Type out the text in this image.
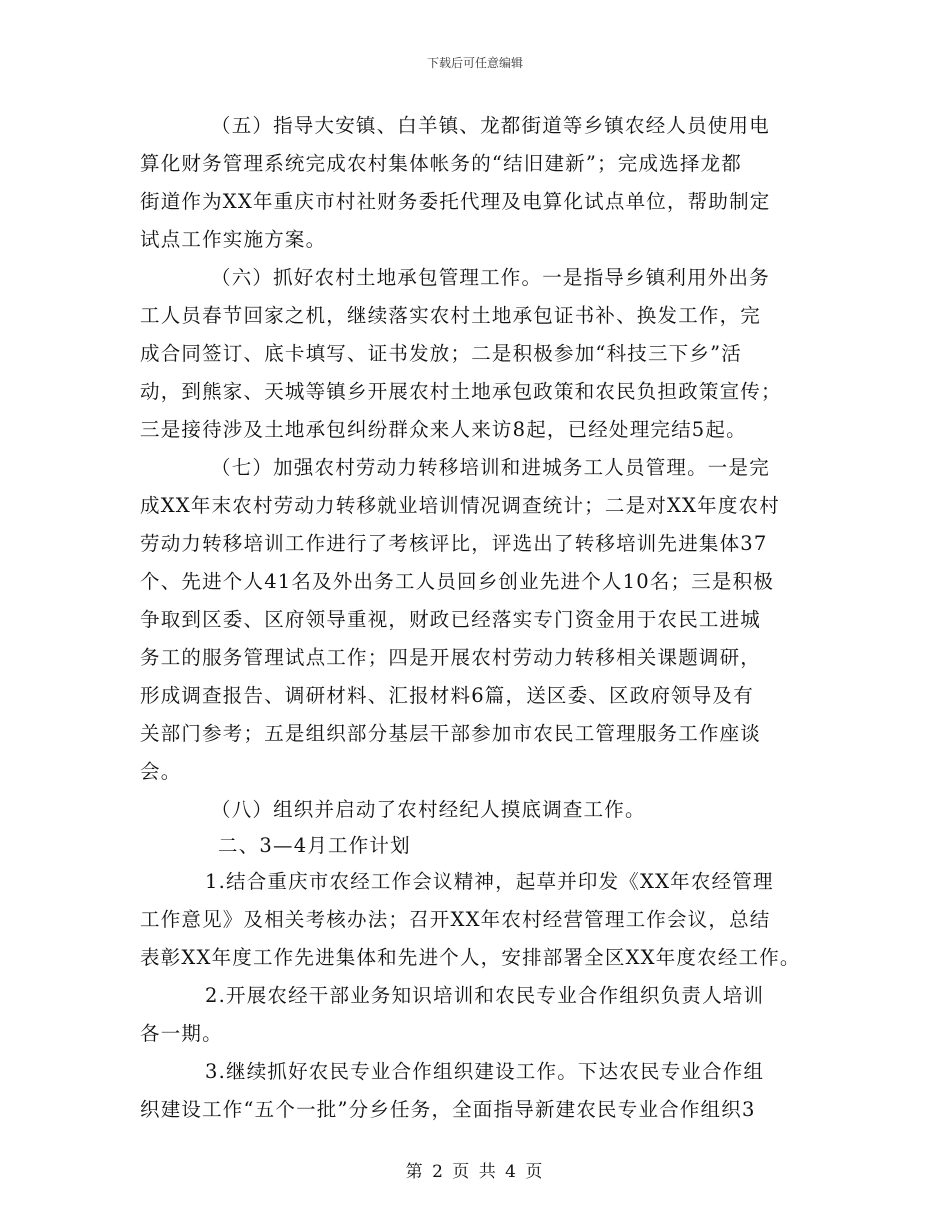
下载后可任意编辑
（五）指导大安镇、白羊镇、龙都街道等乡镇农经人员使用电
算化财务管理系统完成农村集体帐务的“结旧建新”；完成选择龙都
街道作为XX年重庆市村社财务委托代理及电算化试点单位，帮助制定
试点工作实施方案。
（六）抓好农村土地承包管理工作。一是指导乡镇利用外出务
工人员春节回家之机，继续落实农村土地承包证书补、换发工作，完
成合同签订、底卡填写、证书发放；二是积极参加“科技三下乡”活
动，到熊家、天城等镇乡开展农村土地承包政策和农民负担政策宣传；
三是接待涉及土地承包纠纷群众来人来访8起，已经处理完结5起。
（七）加强农村劳动力转移培训和进城务工人员管理。一是完
成XX年末农村劳动力转移就业培训情况调查统计；二是对XX年度农村
劳动力转移培训工作进行了考核评比，评选出了转移培训先进集体37
个、先进个人41名及外出务工人员回乡创业先进个人10名；三是积极
争取到区委、区府领导重视，财政已经落实专门资金用于农民工进城
务工的服务管理试点工作；四是开展农村劳动力转移相关课题调研，
形成调查报告、调研材料、汇报材料6篇，送区委、区政府领导及有
关部门参考；五是组织部分基层干部参加市农民工管理服务工作座谈
会。
（八）组织并启动了农村经纪人摸底调查工作。
二、3—4月工作计划
1.结合重庆市农经工作会议精神，起草并印发《XX年农经管理
工作意见》及相关考核办法；召开XX年农村经营管理工作会议，总结
表彰XX年度工作先进集体和先进个人，安排部署全区XX年度农经工作。
2.开展农经干部业务知识培训和农民专业合作组织负责人培训
各一期。
3.继续抓好农民专业合作组织建设工作。下达农民专业合作组
织建设工作“五个一批”分乡任务，全面指导新建农民专业合作组织3
第 2 页 共 4 页
